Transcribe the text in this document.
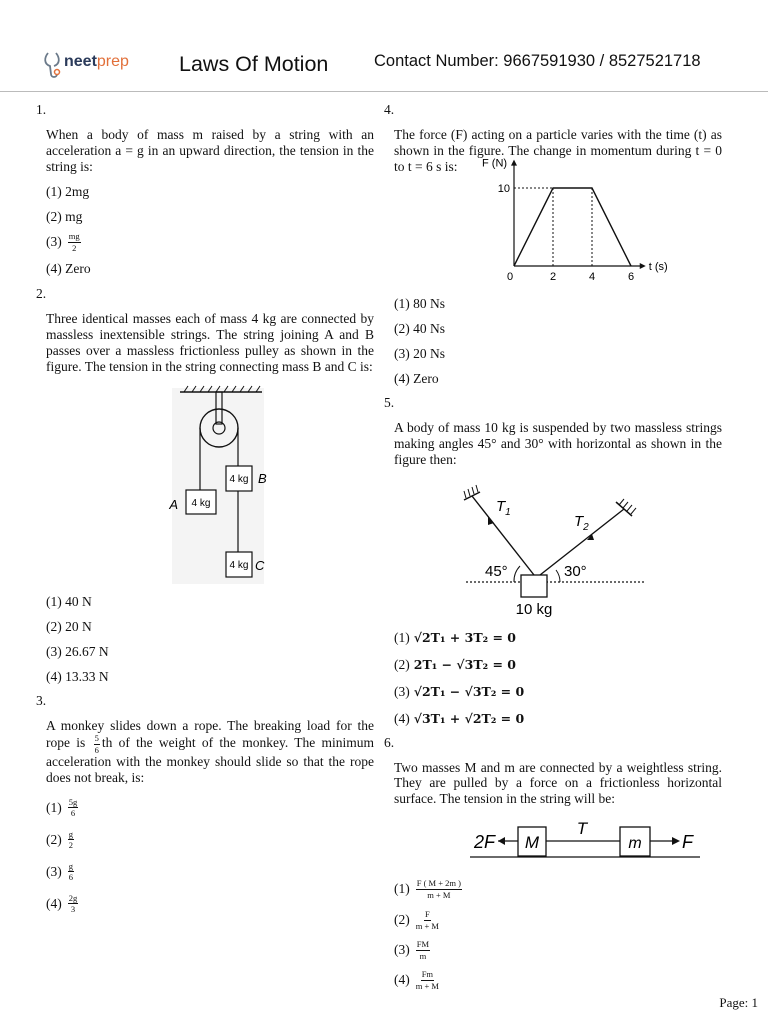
neetprep Laws Of Motion	Contact Number: 9667591930 / 8527521718
1.

When a body of mass m raised by a string with an acceleration a = g in an upward direction, the tension in the string is:

(1) 2mg
(2) mg
$(3) \frac{mg}{2}$
(4) Zero
2.

Three identical masses each of mass 4 kg are connected by massless inextensible strings. The string joining A and B passes over a massless frictionless pulley as shown in the figure. The tension in the string connecting mass B and C is:

4 kg
A
4 kg B
4 kg C
(1) 40 N
(2) 20 N
(3) 26.67 N
(4) 13.33 N
3.

A monkey slides down a rope. The breaking load for the rope is $\frac{5}{6}$ th of the weight of the monkey. The minimum acceleration with the monkey should slide so that the rope does not break, is:

$(1) \frac{5g}{6}$
$(2) \frac{g}{2}$
$(3) \frac{g}{6}$
$(4) \frac{2g}{3}$
4.

The force (F) acting on a particle varies with the time (t) as shown in the figure. The change in momentum during t = 0 to t = 6 s is:

0	2	4	6
10
F (N)
t (s)
(1) 80 Ns
(2) 40 Ns
(3) 20 Ns
(4) Zero
5.

A body of mass 10 kg is suspended by two massless strings making angles 45° and 30° with horizontal as shown in the figure then:

$T_1$
$T_2$
45°	30°
10 kg
(1) √2T₁ + 3T₂ = 0
(2) 2T₁ − √3T₂ = 0
(3) √2T₁ − √3T₂ = 0
(4) √3T₁ + √2T₂ = 0
6.

Two masses M and m are connected by a weightless string. They are pulled by a force on a frictionless horizontal surface. The tension in the string will be:

2F M
T
m F
$(1) \frac{F ( M + 2m )}{m + M}$
$(2) \frac{F}{m + M}$
$(3) \frac{FM}{m}$
$(4) \frac{Fm}{m + M}$
Page: 1
